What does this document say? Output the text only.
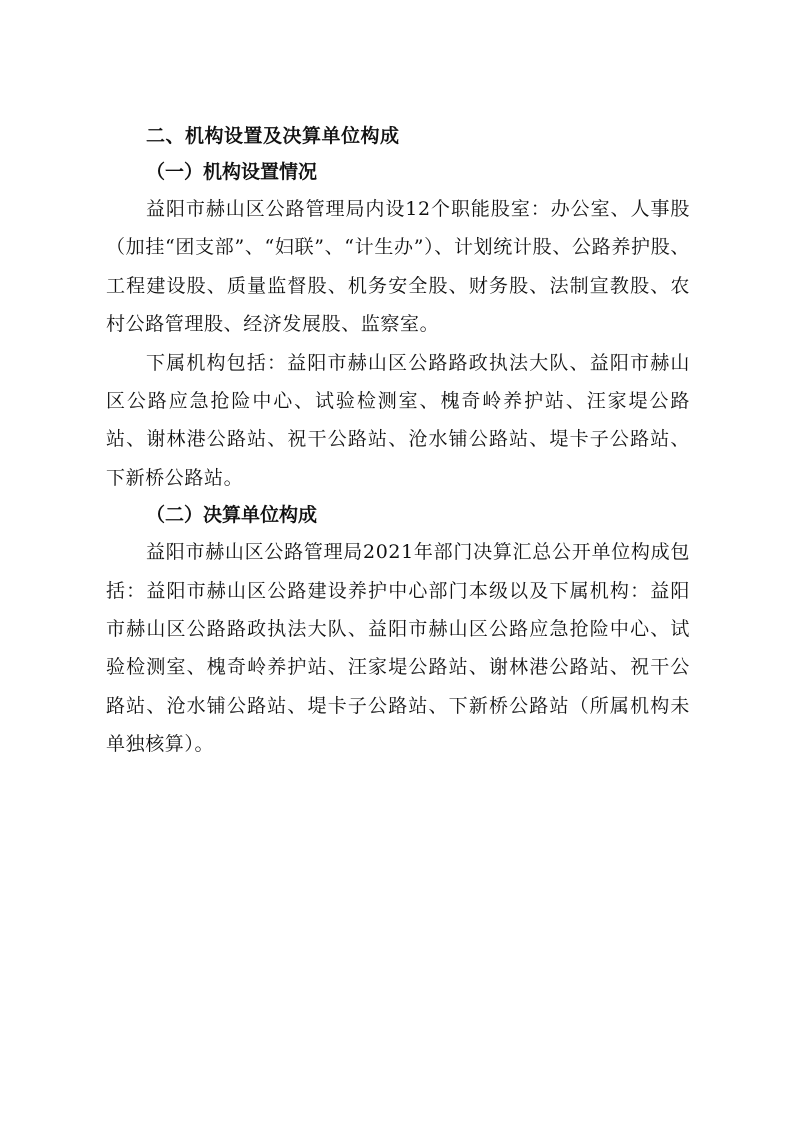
二、机构设置及决算单位构成
（一）机构设置情况

益阳市赫山区公路管理局内设12个职能股室：办公室、人事股（加挂“团支部”、“妇联”、“计生办”）、计划统计股、公路养护股、工程建设股、质量监督股、机务安全股、财务股、法制宣教股、农村公路管理股、经济发展股、监察室。

下属机构包括：益阳市赫山区公路路政执法大队、益阳市赫山区公路应急抢险中心、试验检测室、槐奇岭养护站、汪家堤公路站、谢林港公路站、祝干公路站、沧水铺公路站、堤卡子公路站、下新桥公路站。

（二）决算单位构成

益阳市赫山区公路管理局2021年部门决算汇总公开单位构成包括：益阳市赫山区公路建设养护中心部门本级以及下属机构：益阳市赫山区公路路政执法大队、益阳市赫山区公路应急抢险中心、试验检测室、槐奇岭养护站、汪家堤公路站、谢林港公路站、祝干公路站、沧水铺公路站、堤卡子公路站、下新桥公路站（所属机构未单独核算）。
